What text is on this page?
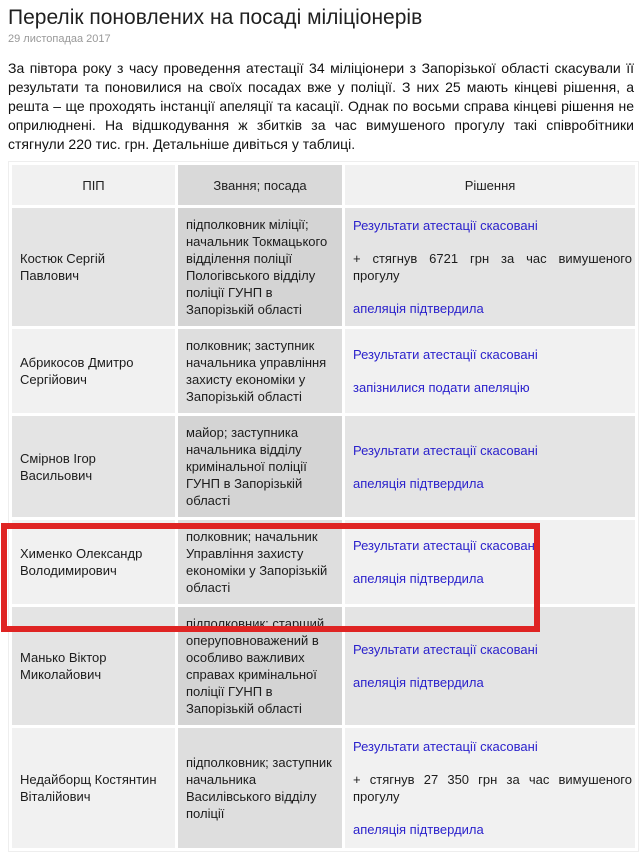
Перелік поновлених на посаді міліціонерів
29 листопадаа 2017

За півтора року з часу проведення атестації 34 міліціонери з Запорізької області скасували її результати та поновилися на своїх посадах вже у поліції. З них 25 мають кінцеві рішення, а решта – ще проходять інстанції апеляції та касації. Однак по восьми справа кінцеві рішення не оприлюднені. На відшкодування ж збитків за час вимушеного прогулу такі співробітники стягнули 220 тис. грн. Детальніше дивіться у таблиці.

ПІП	Звання; посада	Рішення
Костюк Сергій Павлович	підполковник міліції; начальник Токмацького відділення поліції Пологівського відділу поліції ГУНП в Запорізькій області	Результати атестації скасовані

+ стягнув 6721 грн за час вимушеного прогулу

апеляція підтвердила

Абрикосов Дмитро Сергійович	полковник; заступник начальника управління захисту економіки у Запорізькій області	Результати атестації скасовані

запізнилися подати апеляцію

Смірнов Ігор Васильович	майор; заступника начальника відділу кримінальної поліції ГУНП в Запорізькій області	Результати атестації скасовані

апеляція підтвердила

Хименко Олександр Володимирович	полковник; начальник Управління захисту економіки у Запорізькій області	Результати атестації скасовані

апеляція підтвердила

Манько Віктор Миколайович	підполковник; старший оперуповноважений в особливо важливих справах кримінальної поліції ГУНП в Запорізькій області	Результати атестації скасовані

апеляція підтвердила

Недайборщ Костянтин Віталійович	підполковник; заступник начальника Василівського відділу поліції	Результати атестації скасовані

+ стягнув 27 350 грн за час вимушеного прогулу

апеляція підтвердила
